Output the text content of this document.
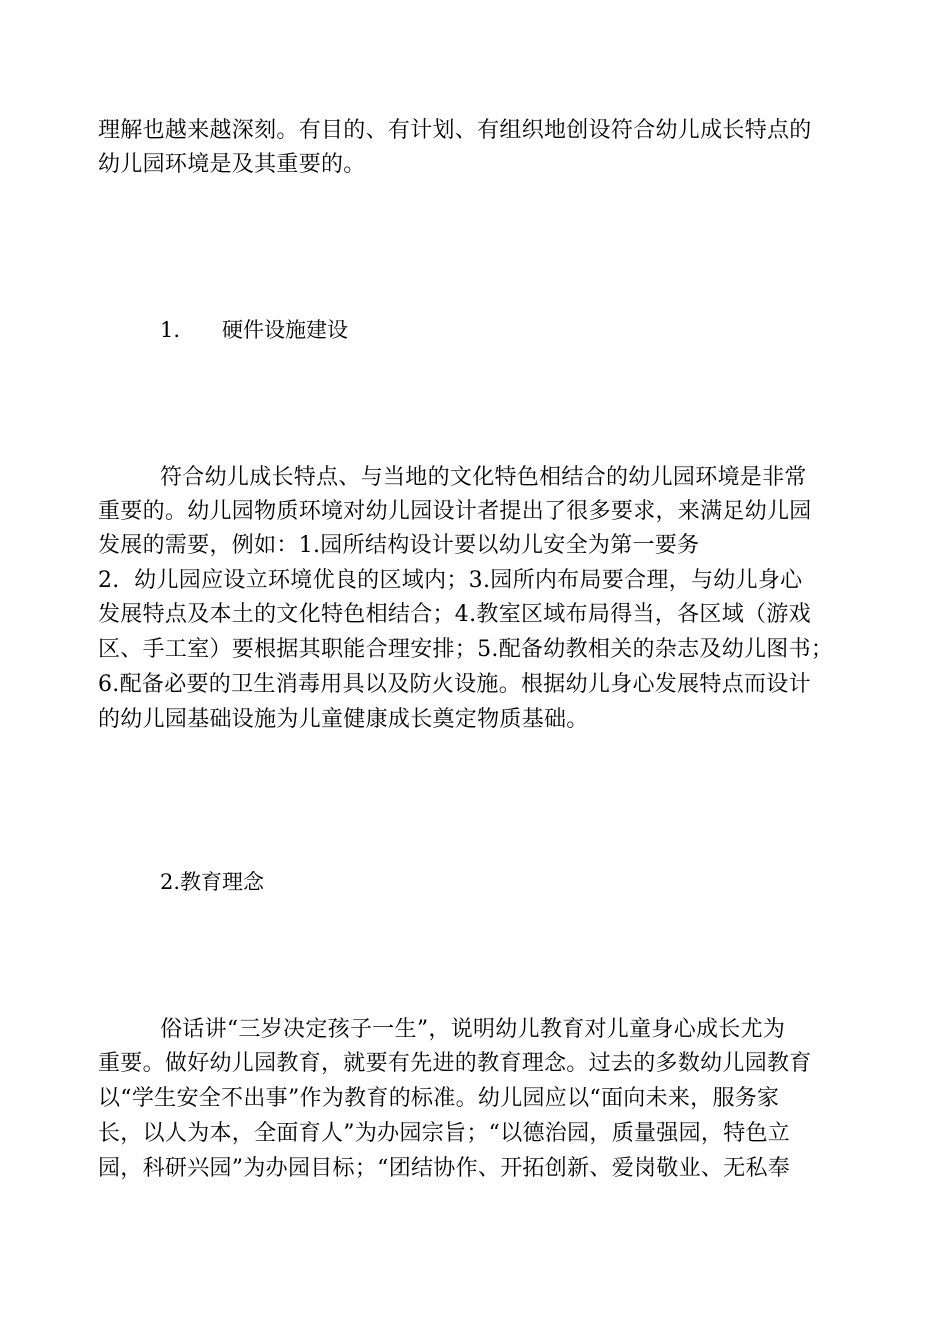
理解也越来越深刻。有目的、有计划、有组织地创设符合幼儿成长特点的
幼儿园环境是及其重要的。
1. 硬件设施建设
符合幼儿成长特点、与当地的文化特色相结合的幼儿园环境是非常
重要的。幼儿园物质环境对幼儿园设计者提出了很多要求，来满足幼儿园
发展的需要，例如：1.园所结构设计要以幼儿安全为第一要务
2.  幼儿园应设立环境优良的区域内；3.园所内布局要合理，与幼儿身心
发展特点及本土的文化特色相结合；4.教室区域布局得当，各区域（游戏
区、手工室）要根据其职能合理安排；5.配备幼教相关的杂志及幼儿图书；
6.配备必要的卫生消毒用具以及防火设施。根据幼儿身心发展特点而设计
的幼儿园基础设施为儿童健康成长奠定物质基础。
2.教育理念
俗话讲“三岁决定孩子一生”，说明幼儿教育对儿童身心成长尤为
重要。做好幼儿园教育，就要有先进的教育理念。过去的多数幼儿园教育
以“学生安全不出事”作为教育的标准。幼儿园应以“面向未来，服务家
长，以人为本，全面育人”为办园宗旨；“以德治园，质量强园，特色立
园，科研兴园”为办园目标；“团结协作、开拓创新、爱岗敬业、无私奉
